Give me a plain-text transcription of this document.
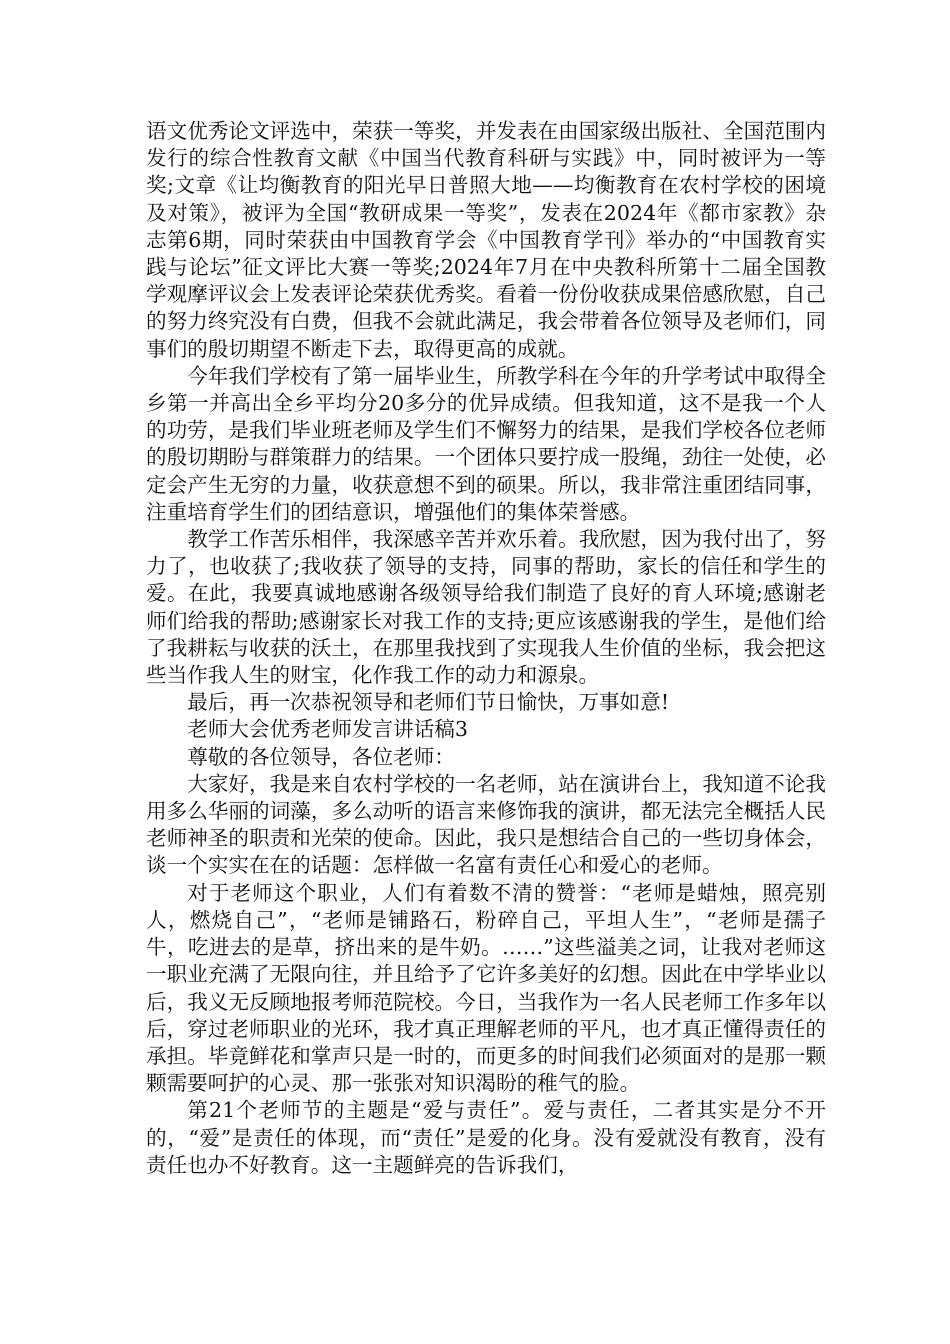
语文优秀论文评选中，荣获一等奖，并发表在由国家级出版社、全国范围内发行的综合性教育文献《中国当代教育科研与实践》中，同时被评为一等奖;文章《让均衡教育的阳光早日普照大地——均衡教育在农村学校的困境及对策》，被评为全国“教研成果一等奖”，发表在2024年《都市家教》杂志第6期，同时荣获由中国教育学会《中国教育学刊》举办的“中国教育实践与论坛”征文评比大赛一等奖;2024年7月在中央教科所第十二届全国教学观摩评议会上发表评论荣获优秀奖。看着一份份收获成果倍感欣慰，自己的努力终究没有白费，但我不会就此满足，我会带着各位领导及老师们，同事们的殷切期望不断走下去，取得更高的成就。

今年我们学校有了第一届毕业生，所教学科在今年的升学考试中取得全乡第一并高出全乡平均分20多分的优异成绩。但我知道，这不是我一个人的功劳，是我们毕业班老师及学生们不懈努力的结果，是我们学校各位老师的殷切期盼与群策群力的结果。一个团体只要拧成一股绳，劲往一处使，必定会产生无穷的力量，收获意想不到的硕果。所以，我非常注重团结同事，注重培育学生们的团结意识，增强他们的集体荣誉感。

教学工作苦乐相伴，我深感辛苦并欢乐着。我欣慰，因为我付出了，努力了，也收获了;我收获了领导的支持，同事的帮助，家长的信任和学生的爱。在此，我要真诚地感谢各级领导给我们制造了良好的育人环境;感谢老师们给我的帮助;感谢家长对我工作的支持;更应该感谢我的学生，是他们给了我耕耘与收获的沃土，在那里我找到了实现我人生价值的坐标，我会把这些当作我人生的财宝，化作我工作的动力和源泉。

最后，再一次恭祝领导和老师们节日愉快，万事如意!

老师大会优秀老师发言讲话稿3

尊敬的各位领导，各位老师：

大家好，我是来自农村学校的一名老师，站在演讲台上，我知道不论我用多么华丽的词藻，多么动听的语言来修饰我的演讲，都无法完全概括人民老师神圣的职责和光荣的使命。因此，我只是想结合自己的一些切身体会，谈一个实实在在的话题：怎样做一名富有责任心和爱心的老师。

对于老师这个职业，人们有着数不清的赞誉：“老师是蜡烛，照亮别人，燃烧自己”，“老师是铺路石，粉碎自己，平坦人生”，“老师是孺子牛，吃进去的是草，挤出来的是牛奶。……”这些溢美之词，让我对老师这一职业充满了无限向往，并且给予了它许多美好的幻想。因此在中学毕业以后，我义无反顾地报考师范院校。今日，当我作为一名人民老师工作多年以后，穿过老师职业的光环，我才真正理解老师的平凡，也才真正懂得责任的承担。毕竟鲜花和掌声只是一时的，而更多的时间我们必须面对的是那一颗颗需要呵护的心灵、那一张张对知识渴盼的稚气的脸。

第21个老师节的主题是“爱与责任”。爱与责任，二者其实是分不开的，“爱”是责任的体现，而“责任”是爱的化身。没有爱就没有教育，没有责任也办不好教育。这一主题鲜亮的告诉我们，
